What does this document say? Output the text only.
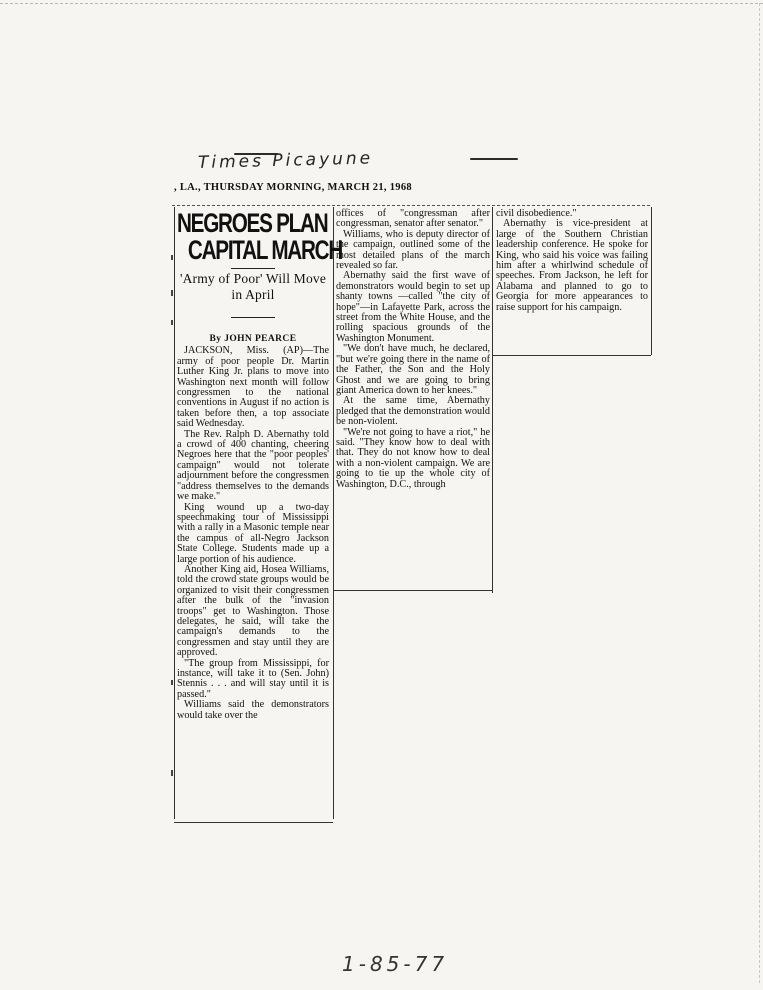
Times Picayune
, LA., THURSDAY MORNING, MARCH 21, 1968
NEGROES PLAN
CAPITAL MARCH
'Army of Poor' Will Move in April
By JOHN PEARCE

JACKSON, Miss. (AP)—The army of poor people Dr. Martin Luther King Jr. plans to move into Washington next month will follow congressmen to the national conventions in August if no action is taken before then, a top associate said Wednesday.

The Rev. Ralph D. Abernathy told a crowd of 400 chanting, cheering Negroes here that the "poor peoples' campaign" would not tolerate adjournment before the congressmen "address themselves to the demands we make."

King wound up a two-day speechmaking tour of Mississippi with a rally in a Masonic temple near the campus of all-Negro Jackson State College. Students made up a large portion of his audience.

Another King aid, Hosea Williams, told the crowd state groups would be organized to visit their congressmen after the bulk of the "invasion troops" get to Washington. Those delegates, he said, will take the campaign's demands to the congressmen and stay until they are approved.

"The group from Mississippi, for instance, will take it to (Sen. John) Stennis . . . and will stay until it is passed."

Williams said the demonstrators would take over the

offices of "congressman after congressman, senator after senator."

Williams, who is deputy director of the campaign, outlined some of the most detailed plans of the march revealed so far.

Abernathy said the first wave of demonstrators would begin to set up shanty towns —called "the city of hope"—in Lafayette Park, across the street from the White House, and the rolling spacious grounds of the Washington Monument.

"We don't have much, he declared, "but we're going there in the name of the Father, the Son and the Holy Ghost and we are going to bring giant America down to her knees."

At the same time, Abernathy pledged that the demonstration would be non-violent.

"We're not going to have a riot," he said. "They know how to deal with that. They do not know how to deal with a non-violent campaign. We are going to tie up the whole city of Washington, D.C., through

civil disobedience."

Abernathy is vice-president at large of the Southern Christian leadership conference. He spoke for King, who said his voice was failing him after a whirlwind schedule of speeches. From Jackson, he left for Alabama and planned to go to Georgia for more appearances to raise support for his campaign.

1-85-77
